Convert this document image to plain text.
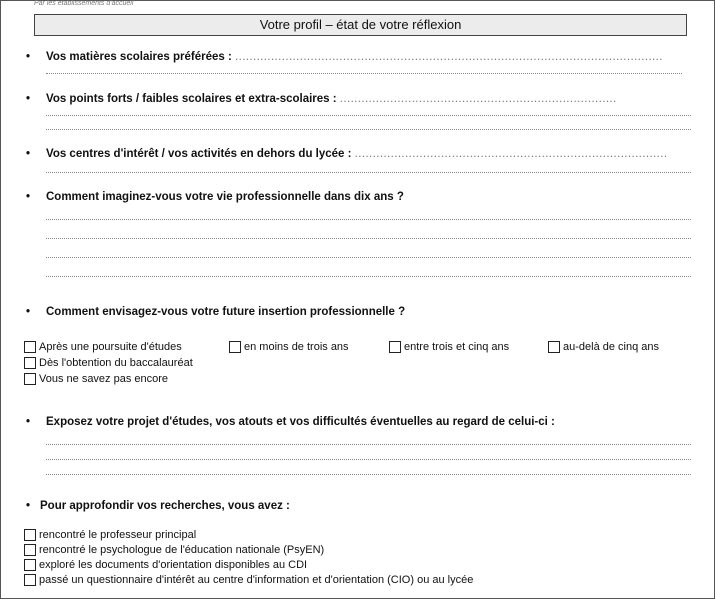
Par les établissements d'accueil
Votre profil – état de votre réflexion
• Vos matières scolaires préférées : .......................................................................................................................
• Vos points forts / faibles scolaires et extra-scolaires : .............................................................................
• Vos centres d'intérêt / vos activités en dehors du lycée : .......................................................................................
• Comment imaginez-vous votre vie professionnelle dans dix ans ?
• Comment envisagez-vous votre future insertion professionnelle ?
Après une poursuite d'études	en moins de trois ans	entre trois et cinq ans	au-delà de cinq ans
Dès l'obtention du baccalauréat
Vous ne savez pas encore
• Exposez votre projet d'études, vos atouts et vos difficultés éventuelles au regard de celui-ci :
• Pour approfondir vos recherches, vous avez :
rencontré le professeur principal
rencontré le psychologue de l'éducation nationale (PsyEN)
exploré les documents d'orientation disponibles au CDI
passé un questionnaire d'intérêt au centre d'information et d'orientation (CIO) ou au lycée
